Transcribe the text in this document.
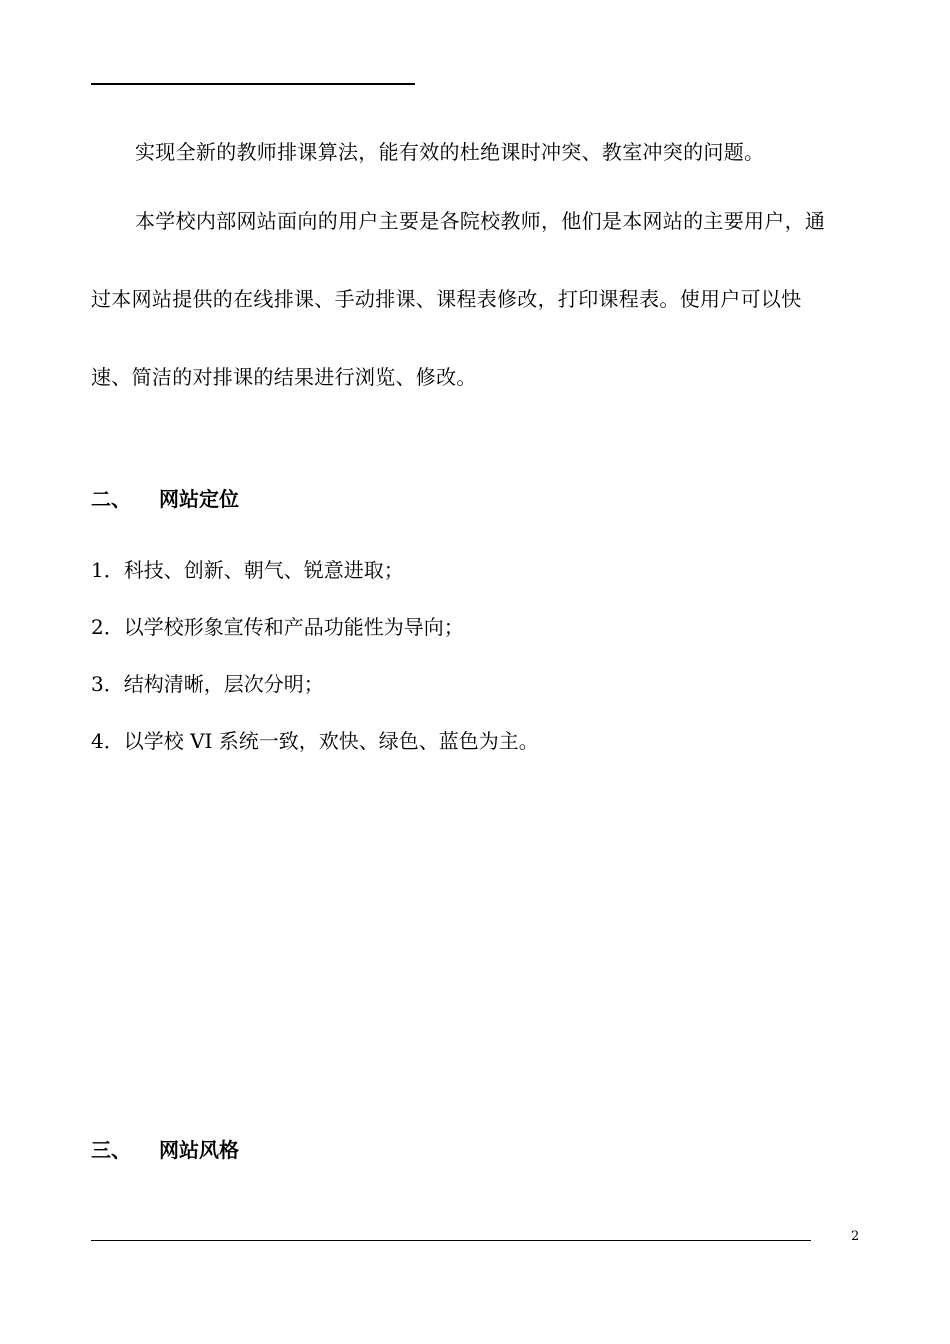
实现全新的教师排课算法，能有效的杜绝课时冲突、教室冲突的问题。

本学校内部网站面向的用户主要是各院校教师，他们是本网站的主要用户，通过本网站提供的在线排课、手动排课、课程表修改，打印课程表。使用户可以快速、简洁的对排课的结果进行浏览、修改。

二、 网站定位
1．科技、创新、朝气、锐意进取；
2．以学校形象宣传和产品功能性为导向；
3．结构清晰，层次分明；
4．以学校 VI 系统一致，欢快、绿色、蓝色为主。
三、 网站风格
2
